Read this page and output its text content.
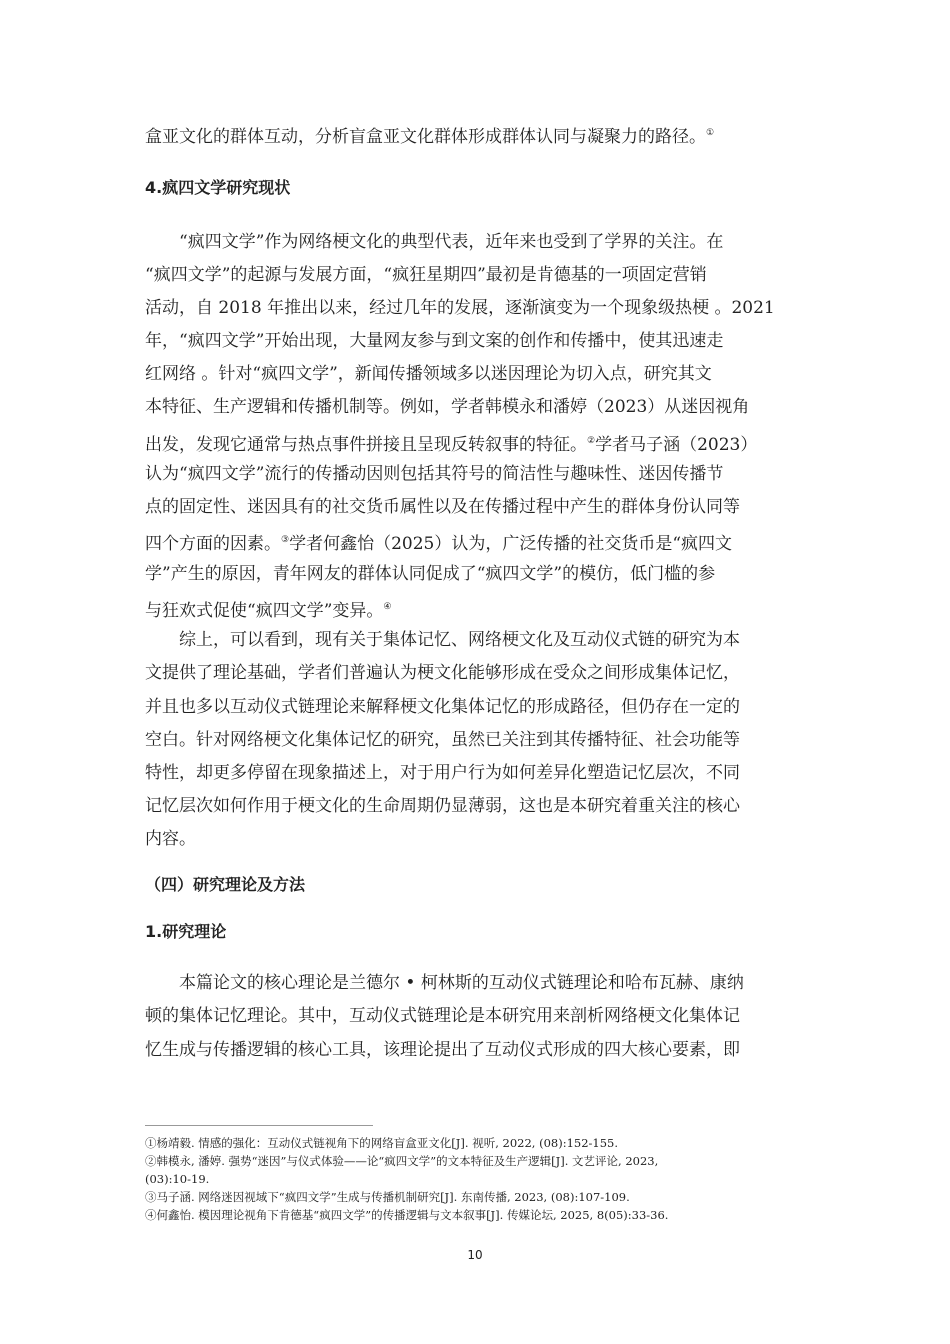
盒亚文化的群体互动，分析盲盒亚文化群体形成群体认同与凝聚力的路径。①
4.疯四文学研究现状
“疯四文学”作为网络梗文化的典型代表，近年来也受到了学界的关注。在
“疯四文学”的起源与发展方面，“疯狂星期四”最初是肯德基的一项固定营销
活动，自 2018 年推出以来，经过几年的发展，逐渐演变为一个现象级热梗 。2021
年，“疯四文学”开始出现，大量网友参与到文案的创作和传播中，使其迅速走
红网络 。针对“疯四文学”，新闻传播领域多以迷因理论为切入点，研究其文
本特征、生产逻辑和传播机制等。例如，学者韩模永和潘婷（2023）从迷因视角
出发，发现它通常与热点事件拼接且呈现反转叙事的特征。②学者马子涵（2023）
认为“疯四文学”流行的传播动因则包括其符号的简洁性与趣味性、迷因传播节
点的固定性、迷因具有的社交货币属性以及在传播过程中产生的群体身份认同等
四个方面的因素。③学者何鑫怡（2025）认为，广泛传播的社交货币是“疯四文
学”产生的原因，青年网友的群体认同促成了“疯四文学”的模仿，低门槛的参
与狂欢式促使“疯四文学”变异。④
综上，可以看到，现有关于集体记忆、网络梗文化及互动仪式链的研究为本
文提供了理论基础，学者们普遍认为梗文化能够形成在受众之间形成集体记忆，
并且也多以互动仪式链理论来解释梗文化集体记忆的形成路径，但仍存在一定的
空白。针对网络梗文化集体记忆的研究，虽然已关注到其传播特征、社会功能等
特性，却更多停留在现象描述上，对于用户行为如何差异化塑造记忆层次，不同
记忆层次如何作用于梗文化的生命周期仍显薄弱，这也是本研究着重关注的核心
内容。
（四）研究理论及方法
1.研究理论
本篇论文的核心理论是兰德尔 • 柯林斯的互动仪式链理论和哈布瓦赫、康纳
顿的集体记忆理论。其中，互动仪式链理论是本研究用来剖析网络梗文化集体记
忆生成与传播逻辑的核心工具，该理论提出了互动仪式形成的四大核心要素，即
①杨靖毅. 情感的强化：互动仪式链视角下的网络盲盒亚文化[J]. 视听, 2022, (08):152-155.
②韩模永, 潘婷. 强势“迷因”与仪式体验——论“疯四文学”的文本特征及生产逻辑[J]. 文艺评论, 2023,
(03):10-19.
③马子涵. 网络迷因视域下“疯四文学”生成与传播机制研究[J]. 东南传播, 2023, (08):107-109.
④何鑫怡. 模因理论视角下肯德基“疯四文学”的传播逻辑与文本叙事[J]. 传媒论坛, 2025, 8(05):33-36.
10
